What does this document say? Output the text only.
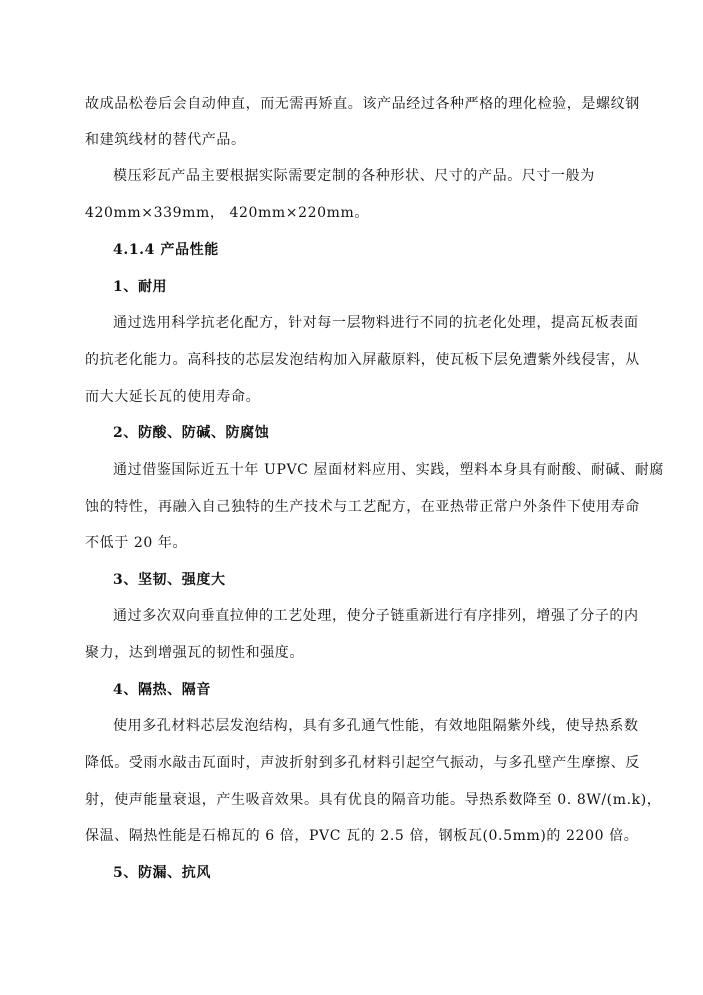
故成品松卷后会自动伸直，而无需再矫直。该产品经过各种严格的理化检验，是螺纹钢
和建筑线材的替代产品。
模压彩瓦产品主要根据实际需要定制的各种形状、尺寸的产品。尺寸一般为
420mm×339mm， 420mm×220mm。
4.1.4 产品性能
1、耐用
通过选用科学抗老化配方，针对每一层物料进行不同的抗老化处理，提高瓦板表面
的抗老化能力。高科技的芯层发泡结构加入屏蔽原料，使瓦板下层免遭紫外线侵害，从
而大大延长瓦的使用寿命。
2、防酸、防碱、防腐蚀
通过借鉴国际近五十年 UPVC 屋面材料应用、实践，塑料本身具有耐酸、耐碱、耐腐
蚀的特性，再融入自己独特的生产技术与工艺配方，在亚热带正常户外条件下使用寿命
不低于 20 年。
3、坚韧、强度大
通过多次双向垂直拉伸的工艺处理，使分子链重新进行有序排列，增强了分子的内
聚力，达到增强瓦的韧性和强度。
4、隔热、隔音
使用多孔材料芯层发泡结构，具有多孔通气性能，有效地阻隔紫外线，使导热系数
降低。受雨水敲击瓦面时，声波折射到多孔材料引起空气振动，与多孔壁产生摩擦、反
射，使声能量衰退，产生吸音效果。具有优良的隔音功能。导热系数降至 0. 8W/(m.k)，
保温、隔热性能是石棉瓦的 6 倍，PVC 瓦的 2.5 倍，钢板瓦(0.5mm)的 2200 倍。
5、防漏、抗风
